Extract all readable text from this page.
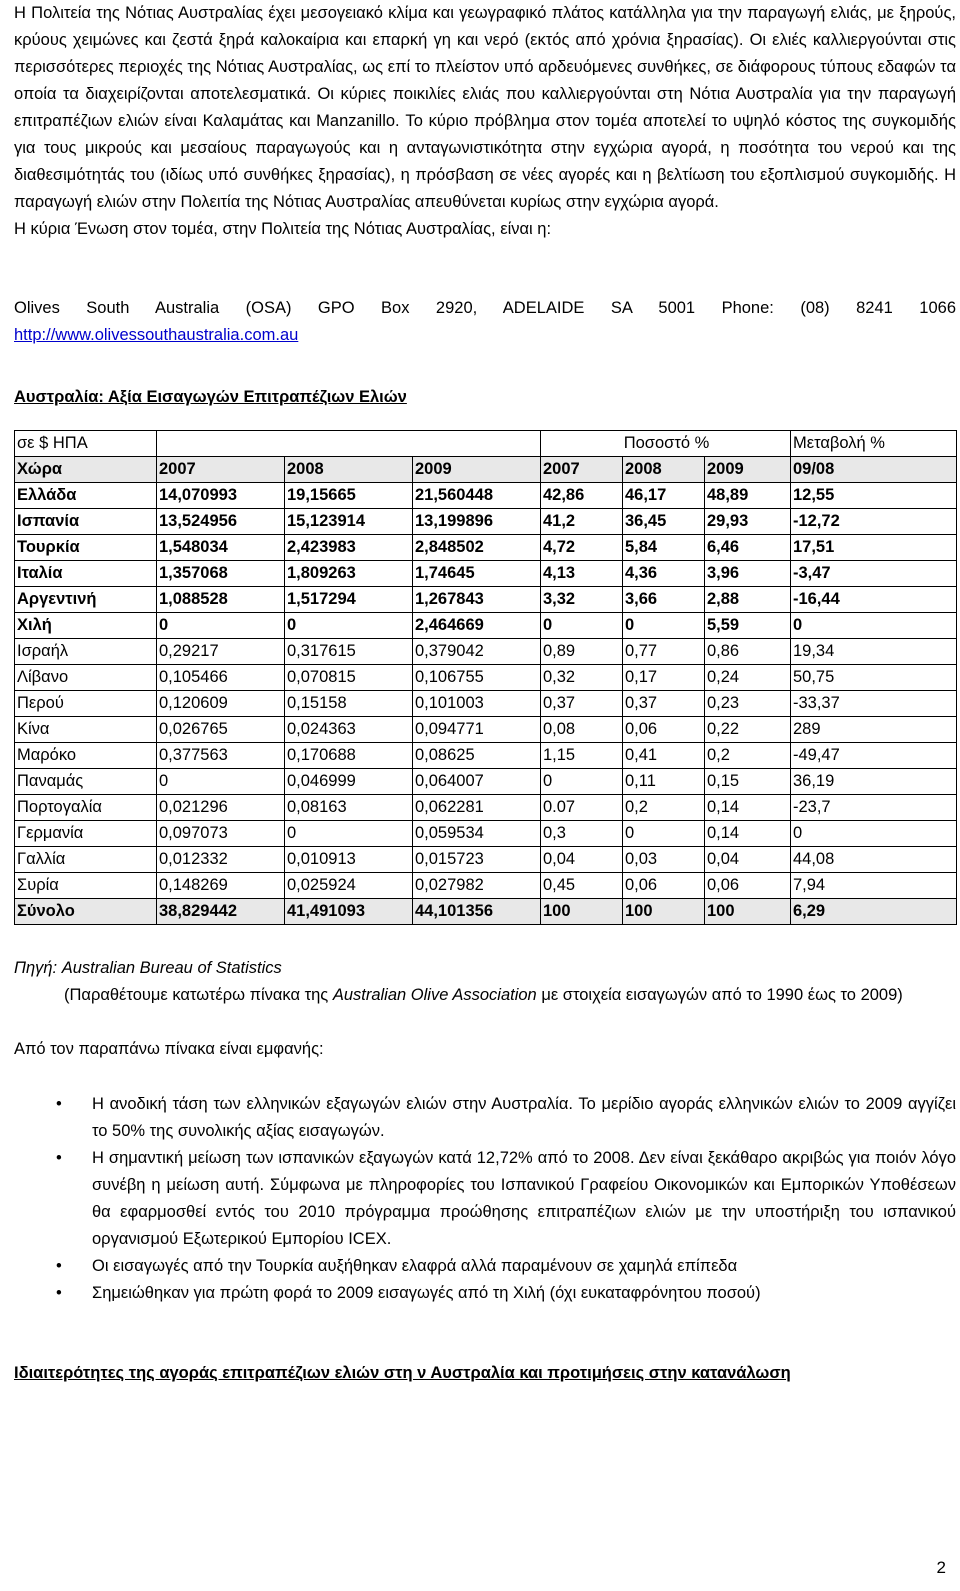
Η Πολιτεία της Νότιας Αυστραλίας έχει μεσογειακό κλίμα και γεωγραφικό πλάτος κατάλληλα για την παραγωγή ελιάς, με ξηρούς, κρύους χειμώνες και ζεστά ξηρά καλοκαίρια και επαρκή γη και νερό (εκτός από χρόνια ξηρασίας). Οι ελιές καλλιεργούνται στις περισσότερες περιοχές της Νότιας Αυστραλίας, ως επί το πλείστον υπό αρδευόμενες συνθήκες, σε διάφορους τύπους εδαφών τα οποία τα διαχειρίζονται αποτελεσματικά. Οι κύριες ποικιλίες ελιάς που καλλιεργούνται στη Νότια Αυστραλία για την παραγωγή επιτραπέζιων ελιών είναι Καλαμάτας και Manzanillo. Το κύριο πρόβλημα στον τομέα αποτελεί το υψηλό κόστος της συγκομιδής για τους μικρούς και μεσαίους παραγωγούς και η ανταγωνιστικότητα στην εγχώρια αγορά, η ποσότητα του νερού και της διαθεσιμότητάς του (ιδίως υπό συνθήκες ξηρασίας), η πρόσβαση σε νέες αγορές και η βελτίωση του εξοπλισμού συγκομιδής. Η παραγωγή ελιών στην Πολειτία της Νότιας Αυστραλίας απευθύνεται κυρίως στην εγχώρια αγορά.

Η κύρια Ένωση στον τομέα, στην Πολιτεία της Νότιας Αυστραλίας, είναι η:

Olives South Australia (OSA) GPO Box 2920, ADELAIDE SA 5001 Phone: (08) 8241 1066

http://www.olivessouthaustralia.com.au

Αυστραλία: Αξία Εισαγωγών Επιτραπέζιων Ελιών

σε $ ΗΠΑ				Ποσοστό %			Μεταβολή %
Χώρα	2007	2008	2009	2007	2008	2009	09/08
Ελλάδα	14,070993	19,15665	21,560448	42,86	46,17	48,89	12,55
Ισπανία	13,524956	15,123914	13,199896	41,2	36,45	29,93	-12,72
Τουρκία	1,548034	2,423983	2,848502	4,72	5,84	6,46	17,51
Ιταλία	1,357068	1,809263	1,74645	4,13	4,36	3,96	-3,47
Αργεντινή	1,088528	1,517294	1,267843	3,32	3,66	2,88	-16,44
Χιλή	0	0	2,464669	0	0	5,59	0
Ισραήλ	0,29217	0,317615	0,379042	0,89	0,77	0,86	19,34
Λίβανο	0,105466	0,070815	0,106755	0,32	0,17	0,24	50,75
Περού	0,120609	0,15158	0,101003	0,37	0,37	0,23	-33,37
Κίνα	0,026765	0,024363	0,094771	0,08	0,06	0,22	289
Μαρόκο	0,377563	0,170688	0,08625	1,15	0,41	0,2	-49,47
Παναμάς	0	0,046999	0,064007	0	0,11	0,15	36,19
Πορτογαλία	0,021296	0,08163	0,062281	0.07	0,2	0,14	-23,7
Γερμανία	0,097073	0	0,059534	0,3	0	0,14	0
Γαλλία	0,012332	0,010913	0,015723	0,04	0,03	0,04	44,08
Συρία	0,148269	0,025924	0,027982	0,45	0,06	0,06	7,94
Σύνολο	38,829442	41,491093	44,101356	100	100	100	6,29

Πηγή: Australian Bureau of Statistics

(Παραθέτουμε κατωτέρω πίνακα της Australian Olive Association με στοιχεία εισαγωγών από το 1990 έως το 2009)

Από τον παραπάνω πίνακα είναι εμφανής:

• Η ανοδική τάση των ελληνικών εξαγωγών ελιών στην Αυστραλία. Το μερίδιο αγοράς ελληνικών ελιών το 2009 αγγίζει το 50% της συνολικής αξίας εισαγωγών.
• Η σημαντική μείωση των ισπανικών εξαγωγών κατά 12,72% από το 2008. Δεν είναι ξεκάθαρο ακριβώς για ποιόν λόγο συνέβη η μείωση αυτή. Σύμφωνα με πληροφορίες του Ισπανικού Γραφείου Οικονομικών και Εμπορικών Υποθέσεων θα εφαρμοσθεί εντός του 2010 πρόγραμμα προώθησης επιτραπέζιων ελιών με την υποστήριξη του ισπανικού οργανισμού Εξωτερικού Εμπορίου ICEX.
• Οι εισαγωγές από την Τουρκία αυξήθηκαν ελαφρά αλλά παραμένουν σε χαμηλά επίπεδα
• Σημειώθηκαν για πρώτη φορά το 2009 εισαγωγές από τη Χιλή (όχι ευκαταφρόνητου ποσού)

Ιδιαιτερότητες της αγοράς επιτραπέζιων ελιών στη ν Αυστραλία και προτιμήσεις στην κατανάλωση

2
